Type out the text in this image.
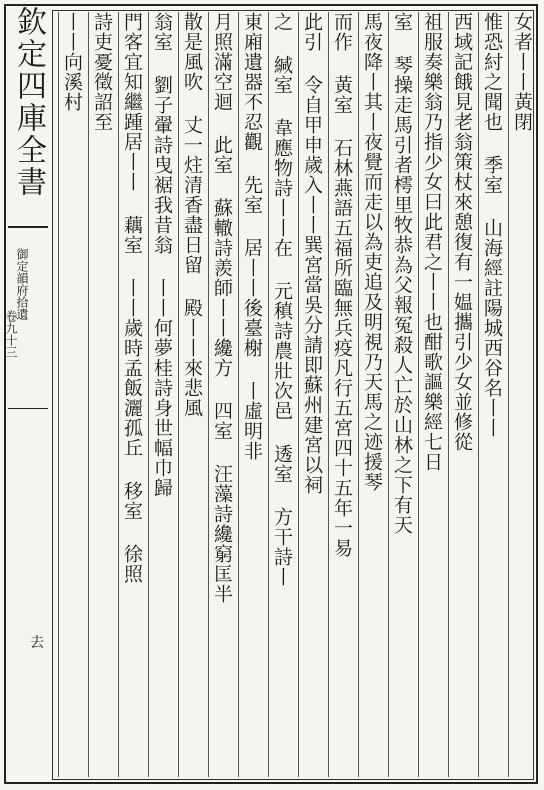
欽定四庫全書
御定韻府拾遺
卷九十三
去
女者丨丨黃閉
惟恐紂之聞也 季室 山海經註陽城西谷名丨丨
西域記餓見老翁策杖來憩復有一媪攜引少女並修從
祖服奏樂翁乃指少女曰此君之丨丨也酣歌謳樂經七日
室 琴操走馬引者樗里牧恭為父報冤殺人亡於山林之下有天
馬夜降丨其丨夜覺而走以為吏追及明視乃天馬之迹援琴
而作 黃室 石林燕語五福所臨無兵疫凡行五宮四十五年一易
此引 令自甲申歲入丨丨巽宮當吳分請即蘇州建宮以祠
之 緘室 韋應物詩丨丨在 元稹詩農壯次邑 透室 方干詩丨
東廂遺器不忍觀 先室 居丨丨後臺榭 丨虛明非
月照滿空迴 此室 蘇轍詩羨師丨丨纔方 四室 汪藻詩纔窮匡半
散是風吹 丈一炷清香盡日留 殿丨丨來悲風
翁室 劉子翬詩曳裾我昔翁 丨丨何夢桂詩身世幅巾歸
門客宜知繼踵居丨丨 藕室 丨丨歲時孟飯灑孤丘 移室 徐照
詩吏憂徵詔至
丨丨向溪村
